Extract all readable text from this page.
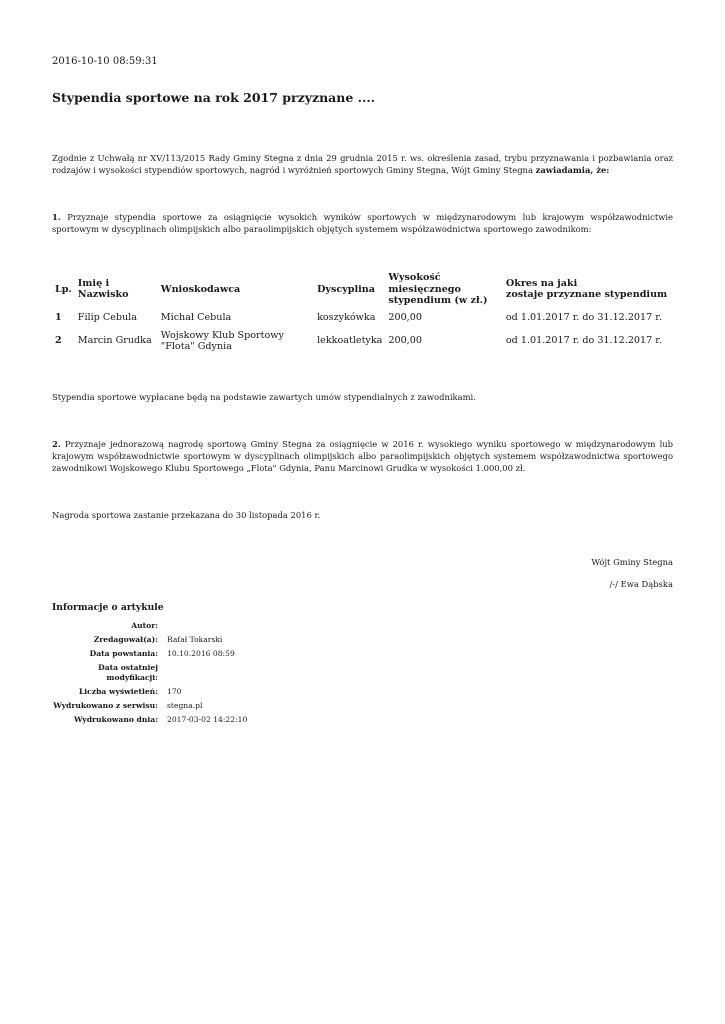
2016-10-10 08:59:31
Stypendia sportowe na rok 2017 przyznane ....

Zgodnie z Uchwałą nr XV/113/2015 Rady Gminy Stegna z dnia 29 grudnia 2015 r. ws. określenia zasad, trybu przyznawania i pozbawiania oraz rodzajów i wysokości stypendiów sportowych, nagród i wyróżnień sportowych Gminy Stegna, Wójt Gminy Stegna zawiadamia, że:

1. Przyznaje stypendia sportowe za osiągnięcie wysokich wyników sportowych w międzynarodowym lub krajowym współzawodnictwie sportowym w dyscyplinach olimpijskich albo paraolimpijskich objętych systemem współzawodnictwa sportowego zawodnikom:

Lp.	Imię i Nazwisko	Wnioskodawca	Dyscyplina	Wysokość miesięcznego stypendium (w zł.)	Okres na jaki
zostaje przyznane stypendium
1	Filip Cebula	Michał Cebula	koszykówka	200,00	od 1.01.2017 r. do 31.12.2017 r.
2	Marcin Grudka	Wojskowy Klub Sportowy "Flota" Gdynia	lekkoatletyka	200,00	od 1.01.2017 r. do 31.12.2017 r.

Stypendia sportowe wypłacane będą na podstawie zawartych umów stypendialnych z zawodnikami.

2. Przyznaje jednorazową nagrodę sportową Gminy Stegna za osiągnięcie w 2016 r. wysokiego wyniku sportowego w międzynarodowym lub krajowym współzawodnictwie sportowym w dyscyplinach olimpijskich albo paraolimpijskich objętych systemem współzawodnictwa sportowego zawodnikowi Wojskowego Klubu Sportowego „Flota" Gdynia, Panu Marcinowi Grudka w wysokości 1.000,00 zł.

Nagroda sportowa zastanie przekazana do 30 listopada 2016 r.

Wójt Gminy Stegna
/-/ Ewa Dąbska
Informacje o artykule
Autor:	
Zredagował(a):	Rafał Tokarski
Data powstania:	10.10.2016 08:59
Data ostatniej modyfikacji:	
Liczba wyświetleń:	170
Wydrukowano z serwisu:	stegna.pl
Wydrukowano dnia:	2017-03-02 14:22:10
